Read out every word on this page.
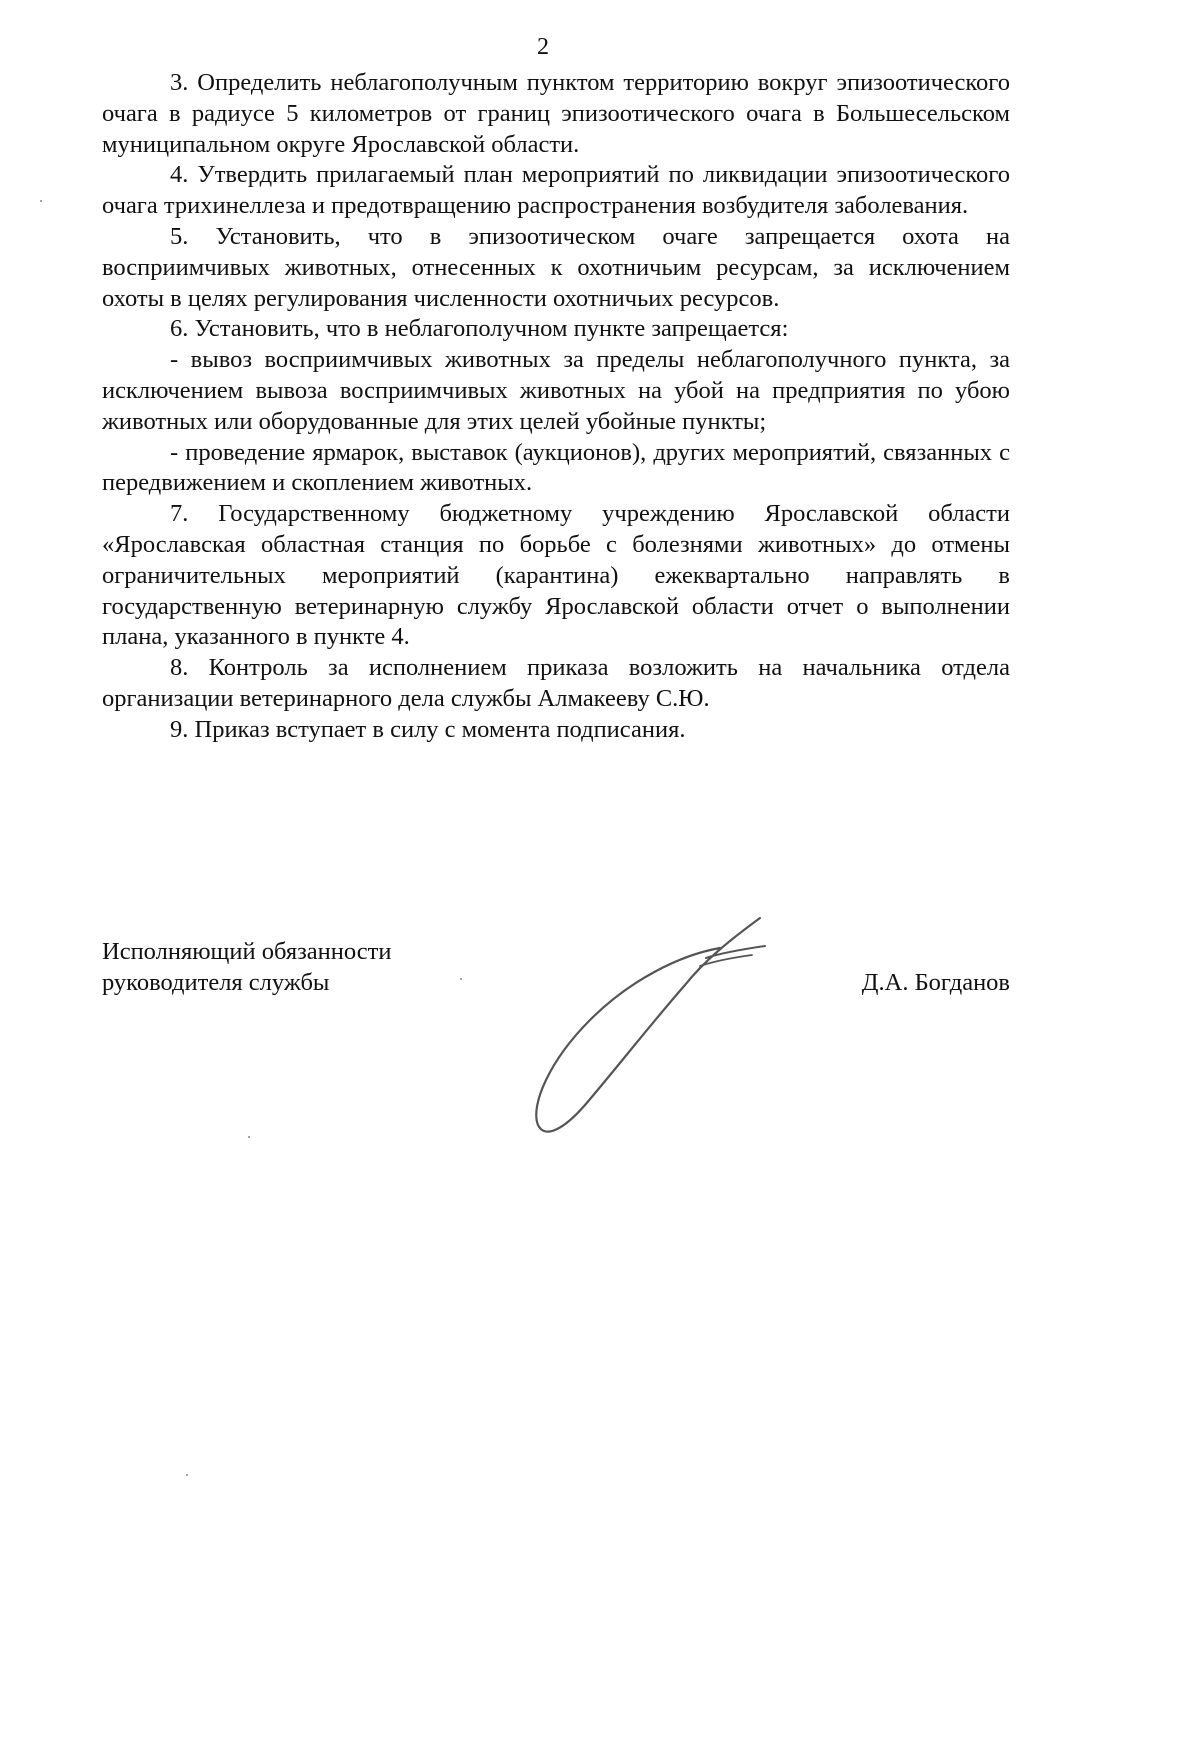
2

3. Определить неблагополучным пунктом территорию вокруг эпизоотического очага в радиусе 5 километров от границ эпизоотического очага в Большесельском муниципальном округе Ярославской области.

4. Утвердить прилагаемый план мероприятий по ликвидации эпизоотического очага трихинеллеза и предотвращению распространения возбудителя заболевания.

5. Установить, что в эпизоотическом очаге запрещается охота на восприимчивых животных, отнесенных к охотничьим ресурсам, за исключением охоты в целях регулирования численности охотничьих ресурсов.

6. Установить, что в неблагополучном пункте запрещается:

- вывоз восприимчивых животных за пределы неблагополучного пункта, за исключением вывоза восприимчивых животных на убой на предприятия по убою животных или оборудованные для этих целей убойные пункты;

- проведение ярмарок, выставок (аукционов), других мероприятий, связанных с передвижением и скоплением животных.

7. Государственному бюджетному учреждению Ярославской области «Ярославская областная станция по борьбе с болезнями животных» до отмены ограничительных мероприятий (карантина) ежеквартально направлять в государственную ветеринарную службу Ярославской области отчет о выполнении плана, указанного в пункте 4.

8. Контроль за исполнением приказа возложить на начальника отдела организации ветеринарного дела службы Алмакееву С.Ю.

9. Приказ вступает в силу с момента подписания.

Исполняющий обязанности
руководителя службы	Д.А. Богданов
